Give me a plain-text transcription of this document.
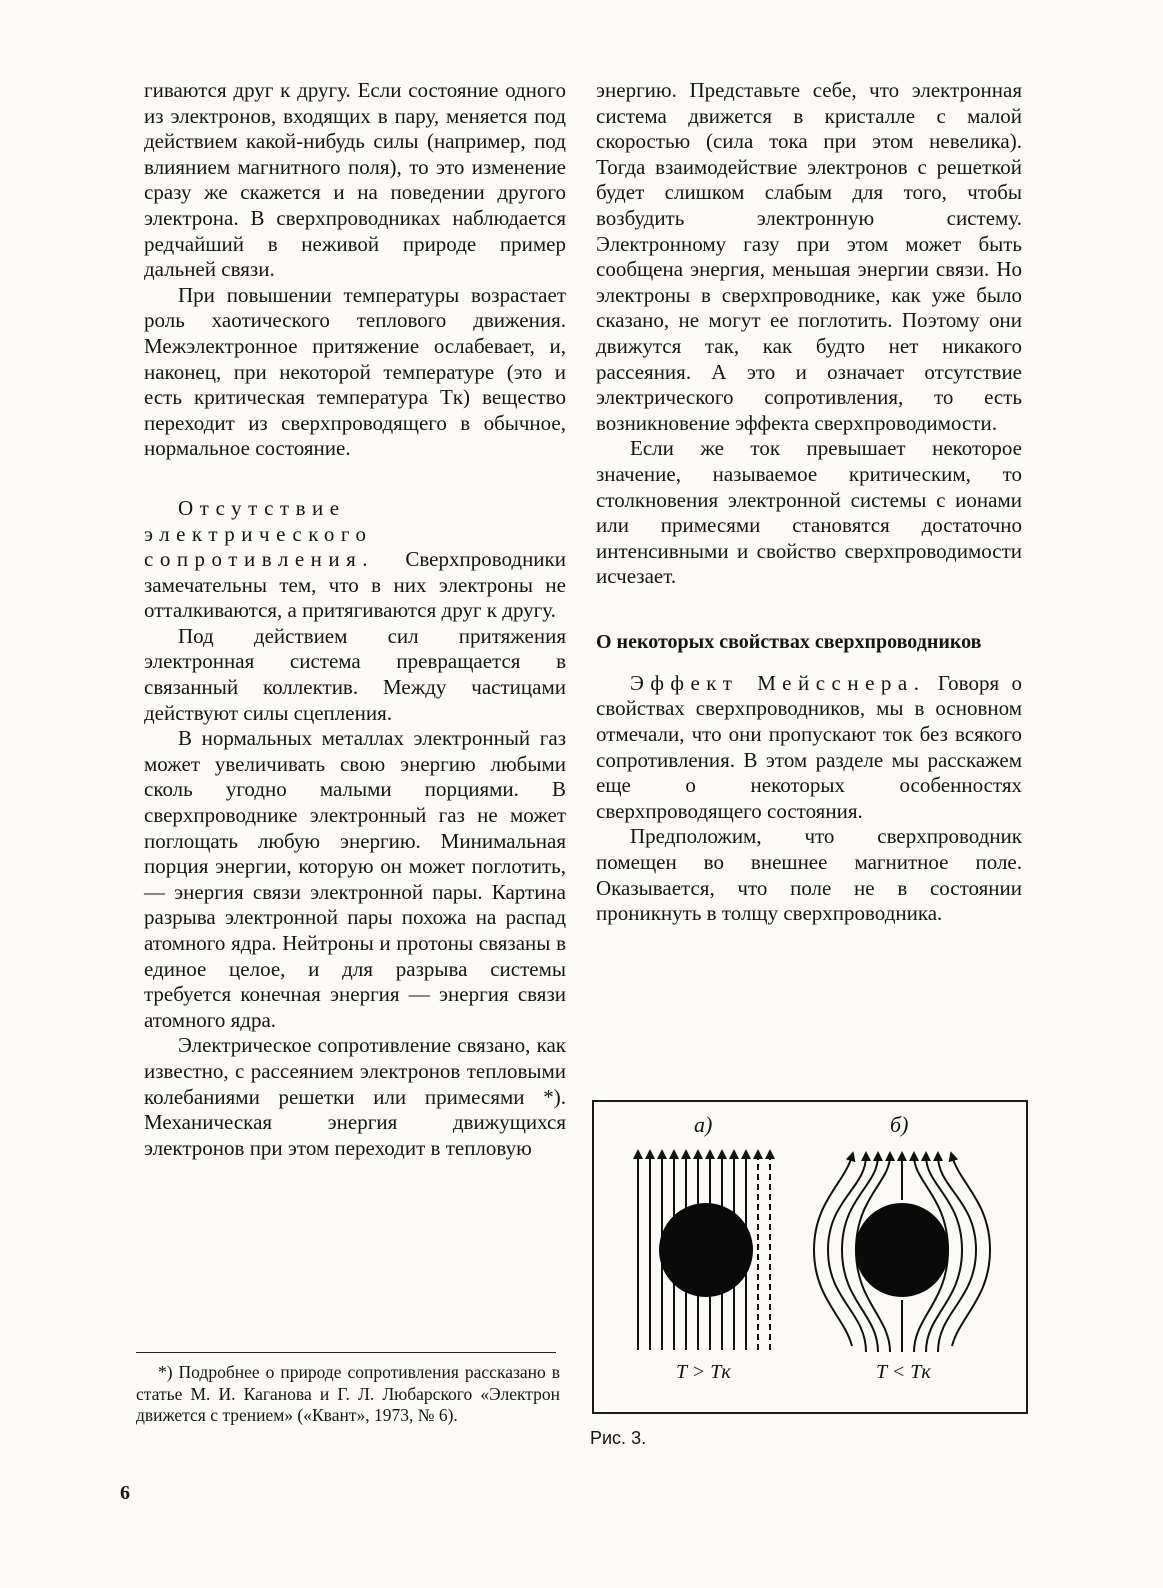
гиваются друг к другу. Если состояние одного из электронов, входящих в пару, меняется под действием какой-нибудь силы (например, под влиянием магнитного поля), то это изменение сразу же скажется и на поведении другого электрона. В сверхпроводниках наблюдается редчайший в неживой природе пример дальней связи.

При повышении температуры возрастает роль хаотического теплового движения. Межэлектронное притяжение ослабевает, и, наконец, при некоторой температуре (это и есть критическая температура Tк) вещество переходит из сверхпроводящего в обычное, нормальное состояние.

Отсутствие электрического сопротивления. Сверхпроводники замечательны тем, что в них электроны не отталкиваются, а притягиваются друг к другу.

Под действием сил притяжения электронная система превращается в связанный коллектив. Между частицами действуют силы сцепления.

В нормальных металлах электронный газ может увеличивать свою энергию любыми сколь угодно малыми порциями. В сверхпроводнике электронный газ не может поглощать любую энергию. Минимальная порция энергии, которую он может поглотить, — энергия связи электронной пары. Картина разрыва электронной пары похожа на распад атомного ядра. Нейтроны и протоны связаны в единое целое, и для разрыва системы требуется конечная энергия — энергия связи атомного ядра.

Электрическое сопротивление связано, как известно, с рассеянием электронов тепловыми колебаниями решетки или примесями *). Механическая энергия движущихся электронов при этом переходит в тепловую

энергию. Представьте себе, что электронная система движется в кристалле с малой скоростью (сила тока при этом невелика). Тогда взаимодействие электронов с решеткой будет слишком слабым для того, чтобы возбудить электронную систему. Электронному газу при этом может быть сообщена энергия, меньшая энергии связи. Но электроны в сверхпроводнике, как уже было сказано, не могут ее поглотить. Поэтому они движутся так, как будто нет никакого рассеяния. А это и означает отсутствие электрического сопротивления, то есть возникновение эффекта сверхпроводимости.

Если же ток превышает некоторое значение, называемое критическим, то столкновения электронной системы с ионами или примесями становятся достаточно интенсивными и свойство сверхпроводимости исчезает.

О некоторых свойствах сверхпроводников

Эффект Мейсснера. Говоря о свойствах сверхпроводников, мы в основном отмечали, что они пропускают ток без всякого сопротивления. В этом разделе мы расскажем еще о некоторых особенностях сверхпроводящего состояния.

Предположим, что сверхпроводник помещен во внешнее магнитное поле. Оказывается, что поле не в состоянии проникнуть в толщу сверхпроводника.

*) Подробнее о природе сопротивления рассказано в статье М. И. Каганова и Г. Л. Любарского «Электрон движется с трением» («Квант», 1973, № 6).

а)	б)
T > Tк	T < Tк
Рис. 3.
6
